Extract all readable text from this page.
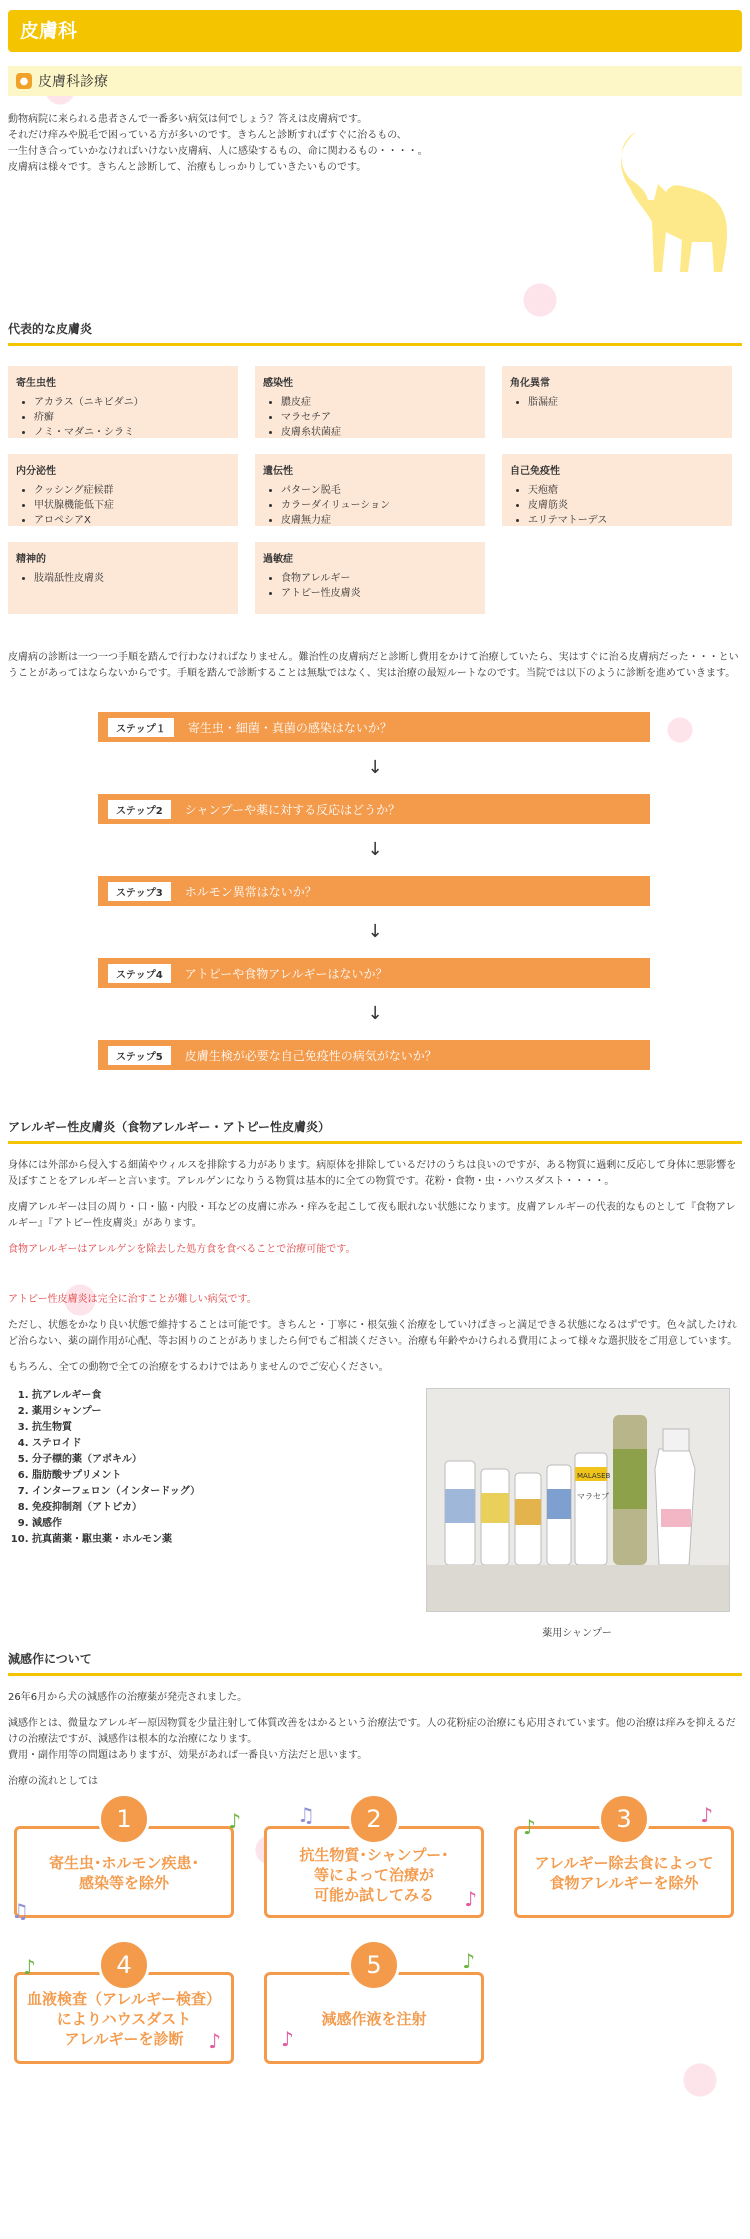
皮膚科
● 皮膚科診療

動物病院に来られる患者さんで一番多い病気は何でしょう？答えは皮膚病です。

それだけ痒みや脱毛で困っている方が多いのです。きちんと診断すればすぐに治るもの、

一生付き合っていかなければいけない皮膚病、人に感染するもの、命に関わるもの・・・・。

皮膚病は様々です。きちんと診断して、治療もしっかりしていきたいものです。

代表的な皮膚炎
寄生虫性
• アカラス（ニキビダニ）
• 疥癬
• ノミ・マダニ・シラミ
感染性
• 膿皮症
• マラセチア
• 皮膚糸状菌症
角化異常
• 脂漏症
内分泌性
• クッシング症候群
• 甲状腺機能低下症
• アロペシアX
遺伝性
• パターン脱毛
• カラーダイリューション
• 皮膚無力症
自己免疫性
• 天疱瘡
• 皮膚筋炎
• エリテマトーデス
精神的
• 肢端舐性皮膚炎
過敏症
• 食物アレルギー
• アトピー性皮膚炎

皮膚病の診断は一つ一つ手順を踏んで行わなければなりません。難治性の皮膚病だと診断し費用をかけて治療していたら、実はすぐに治る皮膚病だった・・・ということがあってはならないからです。手順を踏んで診断することは無駄ではなく、実は治療の最短ルートなのです。当院では以下のように診断を進めていきます。

ステップ１	寄生虫・細菌・真菌の感染はないか？
↓
ステップ2	シャンプーや薬に対する反応はどうか？
↓
ステップ3	ホルモン異常はないか？
↓
ステップ4	アトピーや食物アレルギーはないか？
↓
ステップ5	皮膚生検が必要な自己免疫性の病気がないか？
アレルギー性皮膚炎（食物アレルギー・アトピー性皮膚炎）

身体には外部から侵入する細菌やウィルスを排除する力があります。病原体を排除しているだけのうちは良いのですが、ある物質に過剰に反応して身体に悪影響を及ぼすことをアレルギーと言います。アレルゲンになりうる物質は基本的に全ての物質です。花粉・食物・虫・ハウスダスト・・・・。

皮膚アレルギーは目の周り・口・脇・内股・耳などの皮膚に赤み・痒みを起こして夜も眠れない状態になります。皮膚アレルギーの代表的なものとして『食物アレルギー』『アトピー性皮膚炎』があります。

食物アレルギーはアレルゲンを除去した処方食を食べることで治療可能です。

アトピー性皮膚炎は完全に治すことが難しい病気です。

ただし、状態をかなり良い状態で維持することは可能です。きちんと・丁寧に・根気強く治療をしていけばきっと満足できる状態になるはずです。色々試したけれど治らない、薬の副作用が心配、等お困りのことがありましたら何でもご相談ください。治療も年齢やかけられる費用によって様々な選択肢をご用意しています。

もちろん、全ての動物で全ての治療をするわけではありませんのでご安心ください。

1. 抗アレルギー食
2. 薬用シャンプー
3. 抗生物質
4. ステロイド
5. 分子標的薬（アポキル）
6. 脂肪酸サプリメント
7. インターフェロン（インタードッグ）
8. 免疫抑制剤（アトピカ）
9. 減感作
10. 抗真菌薬・駆虫薬・ホルモン薬
MALASEB
マラセブ
薬用シャンプー
減感作について

26年6月から犬の減感作の治療薬が発売されました。

減感作とは、微量なアレルギー原因物質を少量注射して体質改善をはかるという治療法です。人の花粉症の治療にも応用されています。他の治療は痒みを抑えるだけの治療法ですが、減感作は根本的な治療になります。

費用・副作用等の問題はありますが、効果があれば一番良い方法だと思います。

治療の流れとしては

1
寄生虫･ホルモン疾患･
感染等を除外
♪
♫
2
抗生物質･シャンプー･
等によって治療が
可能か試してみる
♫
♪
3
アレルギー除去食によって
食物アレルギーを除外
♪	♪
4
血液検査（アレルギー検査）
によりハウスダスト
アレルギーを診断
♪
♪
5
減感作液を注射
♪
♪
